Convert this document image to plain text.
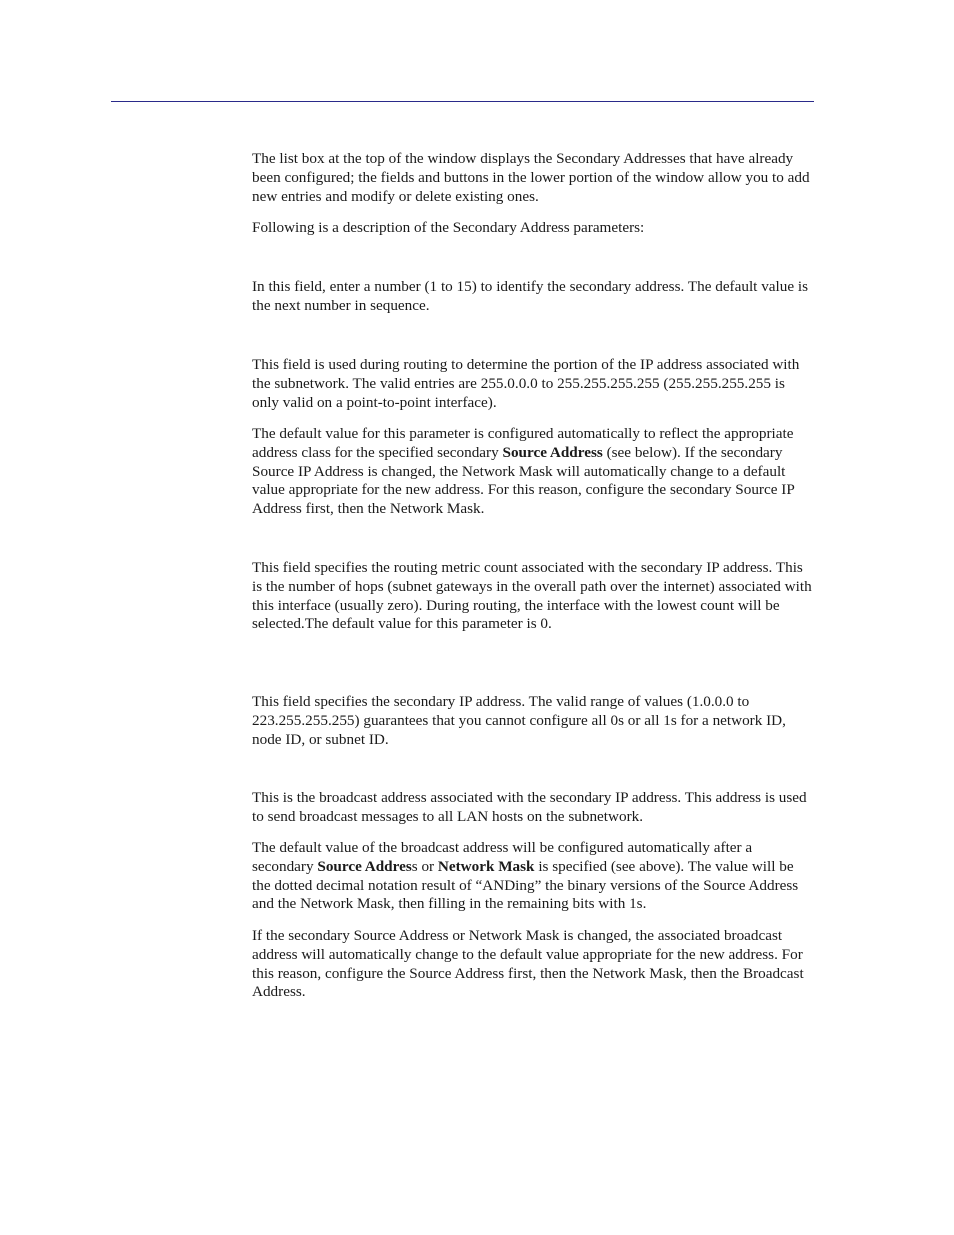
The list box at the top of the window displays the Secondary Addresses that have already been configured; the fields and buttons in the lower portion of the window allow you to add new entries and modify or delete existing ones.

Following is a description of the Secondary Address parameters:

In this field, enter a number (1 to 15) to identify the secondary address. The default value is the next number in sequence.

This field is used during routing to determine the portion of the IP address associated with the subnetwork. The valid entries are 255.0.0.0 to 255.255.255.255 (255.255.255.255 is only valid on a point-to-point interface).

The default value for this parameter is configured automatically to reflect the appropriate address class for the specified secondary Source Address (see below). If the secondary Source IP Address is changed, the Network Mask will automatically change to a default value appropriate for the new address. For this reason, configure the secondary Source IP Address first, then the Network Mask.

This field specifies the routing metric count associated with the secondary IP address. This is the number of hops (subnet gateways in the overall path over the internet) associated with this interface (usually zero). During routing, the interface with the lowest count will be selected.The default value for this parameter is 0.

This field specifies the secondary IP address. The valid range of values (1.0.0.0 to 223.255.255.255) guarantees that you cannot configure all 0s or all 1s for a network ID, node ID, or subnet ID.

This is the broadcast address associated with the secondary IP address. This address is used to send broadcast messages to all LAN hosts on the subnetwork.

The default value of the broadcast address will be configured automatically after a secondary Source Address or Network Mask is specified (see above). The value will be the dotted decimal notation result of “ANDing” the binary versions of the Source Address and the Network Mask, then filling in the remaining bits with 1s.

If the secondary Source Address or Network Mask is changed, the associated broadcast address will automatically change to the default value appropriate for the new address. For this reason, configure the Source Address first, then the Network Mask, then the Broadcast Address.
